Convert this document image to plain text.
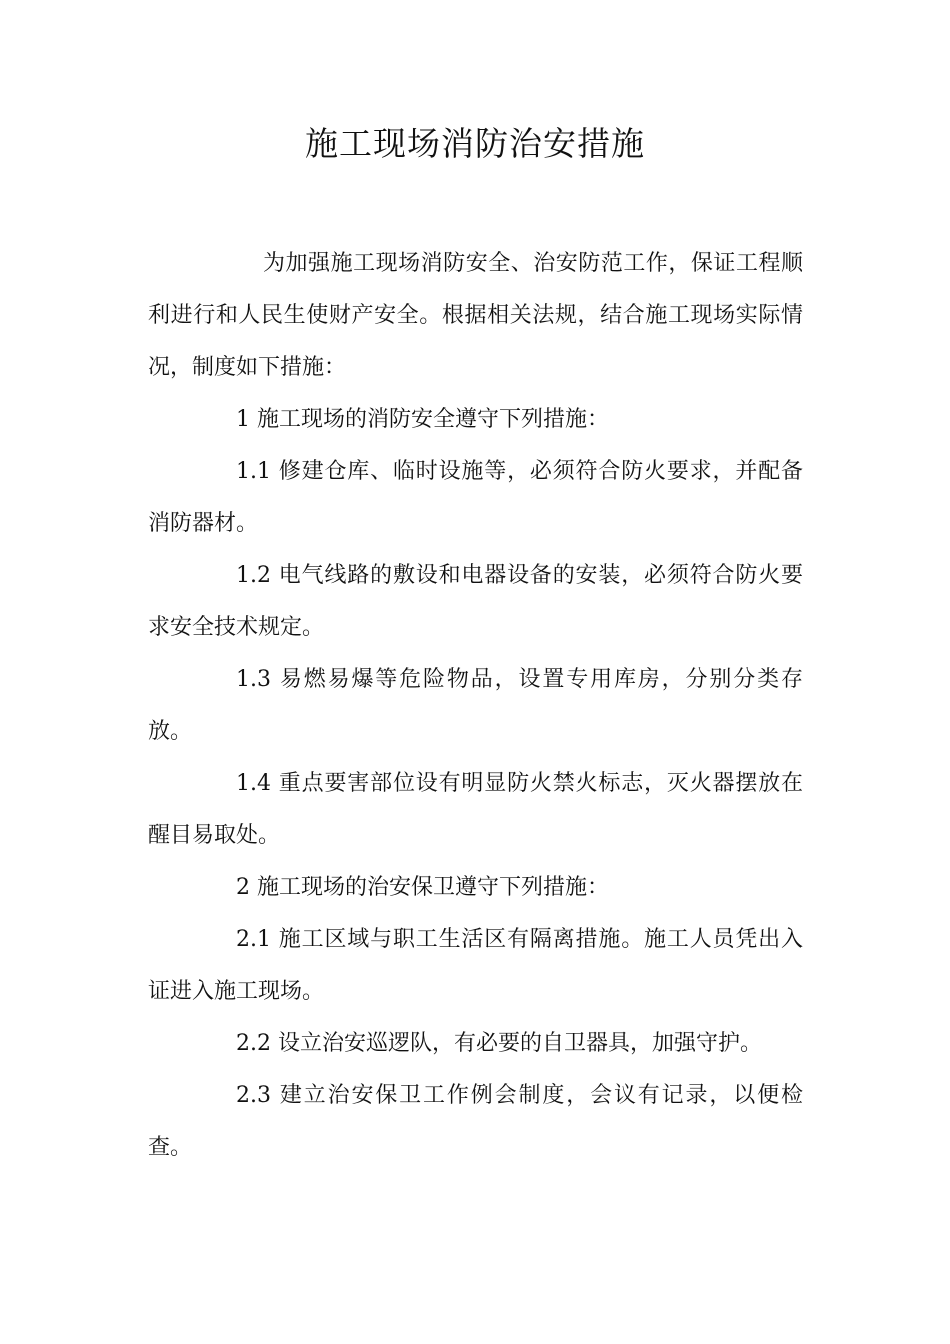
施工现场消防治安措施

为加强施工现场消防安全、治安防范工作，保证工程顺利进行和人民生使财产安全。根据相关法规，结合施工现场实际情况，制度如下措施：

1 施工现场的消防安全遵守下列措施：

1.1 修建仓库、临时设施等，必须符合防火要求，并配备消防器材。

1.2 电气线路的敷设和电器设备的安装，必须符合防火要求安全技术规定。

1.3 易燃易爆等危险物品，设置专用库房，分别分类存放。

1.4 重点要害部位设有明显防火禁火标志，灭火器摆放在醒目易取处。

2 施工现场的治安保卫遵守下列措施：

2.1 施工区域与职工生活区有隔离措施。施工人员凭出入证进入施工现场。

2.2 设立治安巡逻队，有必要的自卫器具，加强守护。

2.3 建立治安保卫工作例会制度，会议有记录，以便检查。
